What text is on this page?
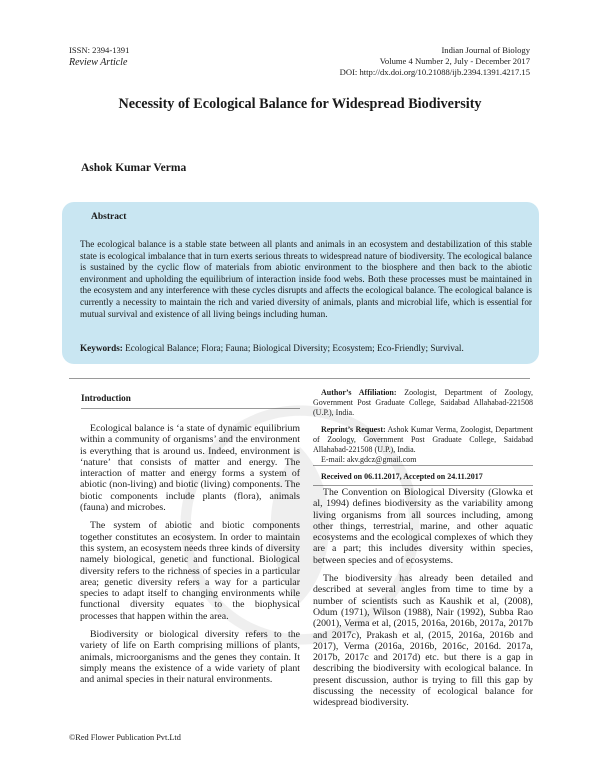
ISSN: 2394-1391
Review Article
Indian Journal of Biology
Volume 4 Number 2, July - December 2017
DOI: http://dx.doi.org/10.21088/ijb.2394.1391.4217.15
Necessity of Ecological Balance for Widespread Biodiversity
Ashok Kumar Verma
Abstract
The ecological balance is a stable state between all plants and animals in an ecosystem and destabilization of this stable state is ecological imbalance that in turn exerts serious threats to widespread nature of biodiversity. The ecological balance is sustained by the cyclic flow of materials from abiotic environment to the biosphere and then back to the abiotic environment and upholding the equilibrium of interaction inside food webs. Both these processes must be maintained in the ecosystem and any interference with these cycles disrupts and affects the ecological balance. The ecological balance is currently a necessity to maintain the rich and varied diversity of animals, plants and microbial life, which is essential for mutual survival and existence of all living beings including human.
Keywords: Ecological Balance; Flora; Fauna; Biological Diversity; Ecosystem; Eco-Friendly; Survival.
Introduction

Ecological balance is ‘a state of dynamic equilibrium within a community of organisms’ and the environment is everything that is around us. Indeed, environment is ‘nature’ that consists of matter and energy. The interaction of matter and energy forms a system of abiotic (non-living) and biotic (living) components. The biotic components include plants (flora), animals (fauna) and microbes.

The system of abiotic and biotic components together constitutes an ecosystem. In order to maintain this system, an ecosystem needs three kinds of diversity namely biological, genetic and functional. Biological diversity refers to the richness of species in a particular area; genetic diversity refers a way for a particular species to adapt itself to changing environments while functional diversity equates to the biophysical processes that happen within the area.

Biodiversity or biological diversity refers to the variety of life on Earth comprising millions of plants, animals, microorganisms and the genes they contain. It simply means the existence of a wide variety of plant and animal species in their natural environments.

Author’s Affiliation: Zoologist, Department of Zoology, Government Post Graduate College, Saidabad Allahabad-221508 (U.P.), India.

Reprint’s Request: Ashok Kumar Verma, Zoologist, Department of Zoology, Government Post Graduate College, Saidabad Allahabad-221508 (U.P.), India.

E-mail: akv.gdcz@gmail.com
Received on 06.11.2017, Accepted on 24.11.2017

The Convention on Biological Diversity (Glowka et al, 1994) defines biodiversity as the variability among living organisms from all sources including, among other things, terrestrial, marine, and other aquatic ecosystems and the ecological complexes of which they are a part; this includes diversity within species, between species and of ecosystems.

The biodiversity has already been detailed and described at several angles from time to time by a number of scientists such as Kaushik et al, (2008), Odum (1971), Wilson (1988), Nair (1992), Subba Rao (2001), Verma et al, (2015, 2016a, 2016b, 2017a, 2017b and 2017c), Prakash et al, (2015, 2016a, 2016b and 2017), Verma (2016a, 2016b, 2016c, 2016d. 2017a, 2017b, 2017c and 2017d) etc. but there is a gap in describing the biodiversity with ecological balance. In present discussion, author is trying to fill this gap by discussing the necessity of ecological balance for widespread biodiversity.

©Red Flower Publication Pvt.Ltd
